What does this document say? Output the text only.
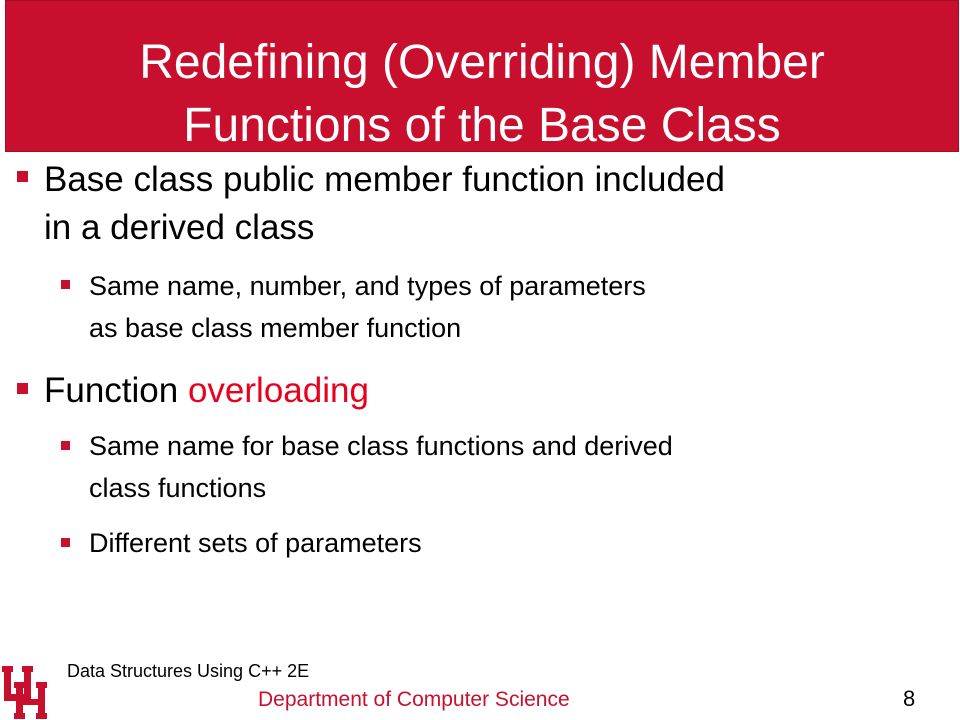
Redefining (Overriding) Member
Functions of the Base Class
Base class public member function included
in a derived class
Same name, number, and types of parameters
as base class member function
Function overloading
Same name for base class functions and derived
class functions
Different sets of parameters
Data Structures Using C++ 2E
Department of Computer Science	8
